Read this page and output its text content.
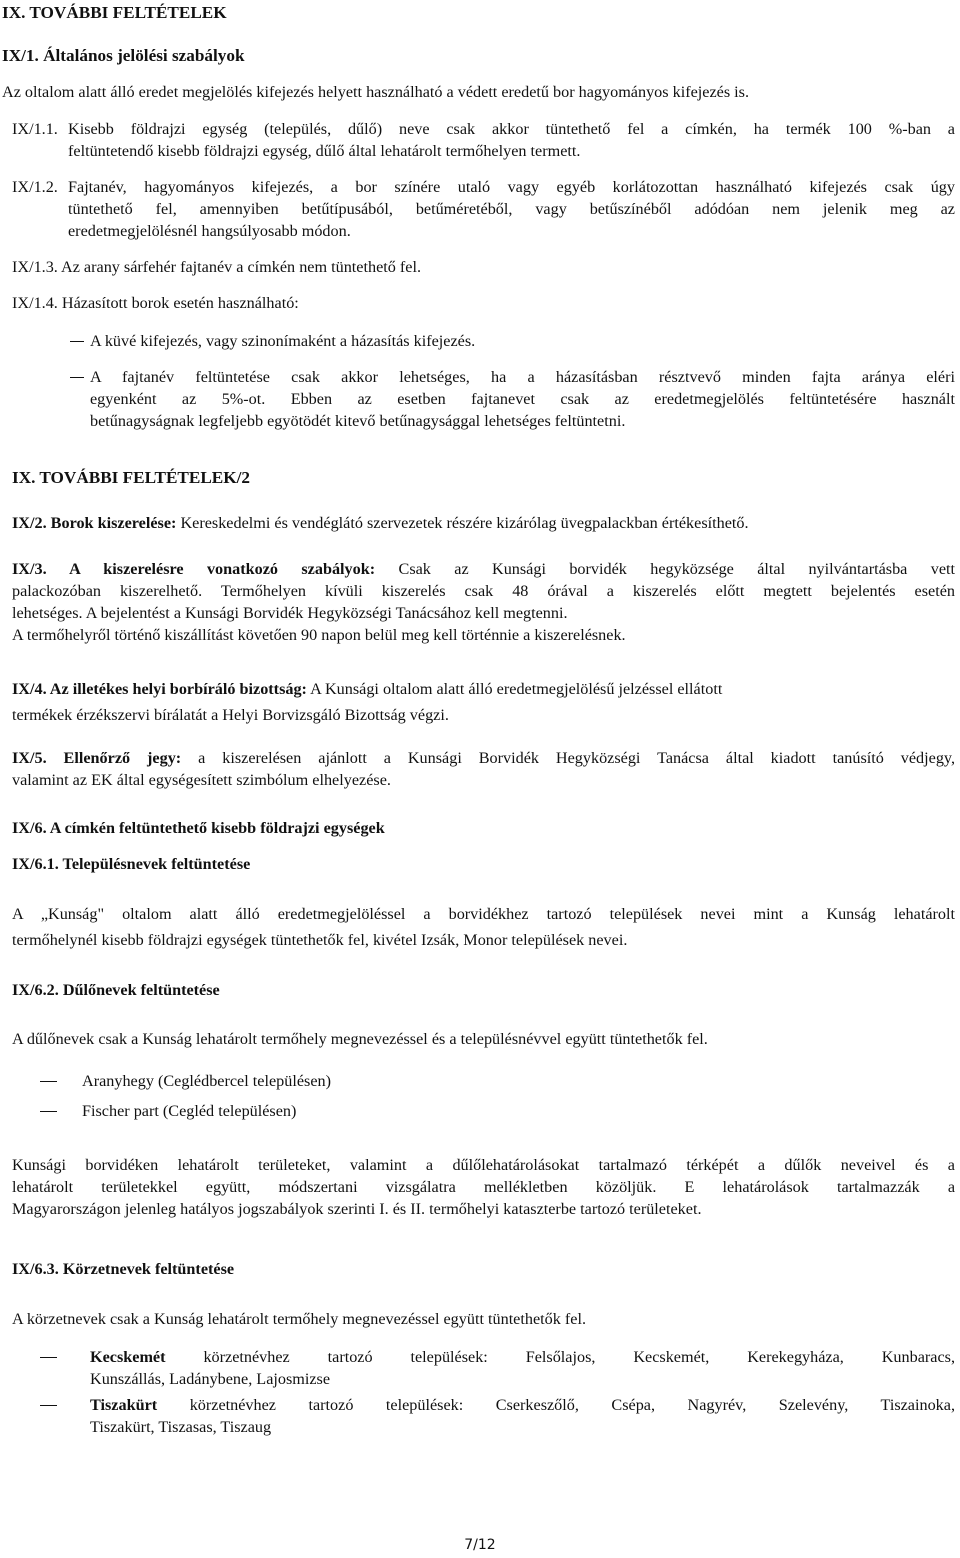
IX. TOVÁBBI FELTÉTELEK
IX/1. Általános jelölési szabályok
Az oltalom alatt álló eredet megjelölés kifejezés helyett használható a védett eredetű bor hagyományos kifejezés is.
IX/1.1. Kisebb földrajzi egység (település, dűlő) neve csak akkor tüntethető fel a címkén, ha termék 100 %-ban a
feltüntetendő kisebb földrajzi egység, dűlő által lehatárolt termőhelyen termett.
IX/1.2. Fajtanév, hagyományos kifejezés, a bor színére utaló vagy egyéb korlátozottan használható kifejezés csak úgy
tüntethető fel, amennyiben betűtípusából, betűméretéből, vagy betűszínéből adódóan nem jelenik meg az
eredetmegjelölésnél hangsúlyosabb módon.
IX/1.3. Az arany sárfehér fajtanév a címkén nem tüntethető fel.
IX/1.4. Házasított borok esetén használható:
A küvé kifejezés, vagy szinonímaként a házasítás kifejezés.
A fajtanév feltüntetése csak akkor lehetséges, ha a házasításban résztvevő minden fajta aránya eléri
egyenként az 5%-ot. Ebben az esetben fajtanevet csak az eredetmegjelölés feltüntetésére használt
betűnagyságnak legfeljebb egyötödét kitevő betűnagysággal lehetséges feltüntetni.
IX. TOVÁBBI FELTÉTELEK/2
IX/2. Borok kiszerelése: Kereskedelmi és vendéglátó szervezetek részére kizárólag üvegpalackban értékesíthető.
IX/3. A kiszerelésre vonatkozó szabályok: Csak az Kunsági borvidék hegyközsége által nyilvántartásba vett
palackozóban kiszerelhető. Termőhelyen kívüli kiszerelés csak 48 órával a kiszerelés előtt megtett bejelentés esetén
lehetséges. A bejelentést a Kunsági Borvidék Hegyközségi Tanácsához kell megtenni.
A termőhelyről történő kiszállítást követően 90 napon belül meg kell történnie a kiszerelésnek.
IX/4. Az illetékes helyi borbíráló bizottság: A Kunsági oltalom alatt álló eredetmegjelölésű jelzéssel ellátott
termékek érzékszervi bírálatát a Helyi Borvizsgáló Bizottság végzi.
IX/5. Ellenőrző jegy: a kiszerelésen ajánlott a Kunsági Borvidék Hegyközségi Tanácsa által kiadott tanúsító védjegy,
valamint az EK által egységesített szimbólum elhelyezése.
IX/6. A címkén feltüntethető kisebb földrajzi egységek
IX/6.1. Településnevek feltüntetése
A „Kunság" oltalom alatt álló eredetmegjelöléssel a borvidékhez tartozó települések nevei mint a Kunság lehatárolt
termőhelynél kisebb földrajzi egységek tüntethetők fel, kivétel Izsák, Monor települések nevei.
IX/6.2. Dűlőnevek feltüntetése
A dűlőnevek csak a Kunság lehatárolt termőhely megnevezéssel és a településnévvel együtt tüntethetők fel.
Aranyhegy (Ceglédbercel településen)
Fischer part (Cegléd településen)
Kunsági borvidéken lehatárolt területeket, valamint a dűlőlehatárolásokat tartalmazó térképét a dűlők neveivel és a
lehatárolt területekkel együtt, módszertani vizsgálatra mellékletben közöljük. E lehatárolások tartalmazzák a
Magyarországon jelenleg hatályos jogszabályok szerinti I. és II. termőhelyi kataszterbe tartozó területeket.
IX/6.3. Körzetnevek feltüntetése
A körzetnevek csak a Kunság lehatárolt termőhely megnevezéssel együtt tüntethetők fel.
Kecskemét körzetnévhez tartozó települések: Felsőlajos, Kecskemét, Kerekegyháza, Kunbaracs,
Kunszállás, Ladánybene, Lajosmizse
Tiszakürt körzetnévhez tartozó települések: Cserkeszőlő, Csépa, Nagyrév, Szelevény, Tiszainoka,
Tiszakürt, Tiszasas, Tiszaug
7/12
